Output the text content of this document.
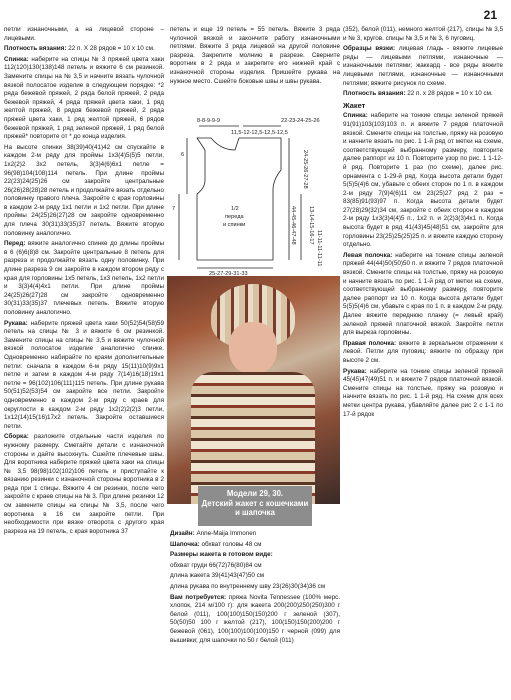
21

петли изнаночными, а на лицевой стороне – лицевыми.

Плотность вязания: 22 п. Х 28 рядов = 10 х 10 см.

Спинка: наберите на спицы № 3 пряжей цвета хаки 112(120)130(138)148 петель и вяжите 6 см резинкой. Замените спицы на № 3,5 и начните вязать чулочной вязкой полосатое изделие в следующем порядке: *2 ряда бежевой пряжей, 2 ряда белой пряжей, 2 ряда бежевой пряжей, 4 ряда пряжей цвета хаки, 1 ряд желтой пряжей, 8 рядов бежевой пряжей, 2 ряда пряжей цвета хаки, 1 ряд желтой пряжей, 6 рядов бежевой пряжей, 1 ряд зеленой пряжей, 1 ряд белой пряжей* повторите от * до конца изделия.

На высоте спинки 38(39)40(41)42 см спускайте в каждом 2-м ряду для проймы 1х3(4)5(5)5 петли, 1х2(2)2 3х2 петель, 3(3)4(6)6х1 петле = 96(98)104(108)114 петель. При длине проймы 22(23)24(25)26 см закройте центральные 26(26)28(28)28 петель и продолжайте вязать отдельно половинку правого плеча. Закройте с края горловины в каждом 2-м ряду 1х1 петли и 1х2 петли. При длине проймы 24(25)26(27)28 см закройте одновременно для плеча 30(31)33(35)37 петель. Вяжите вторую половинку аналогично.

Перед: вяжите аналогично спинке до длины проймы в 6 (6)6(8)8 см. Закройте центральные 8 петель для разреза и продолжайте вязать одну половинку. При длине разреза 9 см закройте в каждом втором ряду с края для горловины 1х5 петель, 1х3 петель, 1х2 петли и 3(3)4(4)4х1 петли. При длине проймы 24(25)26(27)28 см закройте одновременно 30(31)33(35)37 плечевых петель. Вяжите вторую половинку аналогично.

Рукава: наберите пряжей цвета хаки 50(52)54(58)59 петель на спицы № 3 и вяжите 6 см резинкой. Замените спицы на спицы № 3,5 и вяжите чулочной вязкой полосатое изделие аналогично спинке. Одновременно набирайте по краям дополнительные петли: сначала в каждом 6-м ряду 15(11)10(9)9х1 петле и затем в каждом 4-м ряду 7(14)16(18)19х1 петле = 96(102)106(111)115 петель. При длине рукава 50(51)52(53)54 см закройте все петли. Закройте одновременно в каждом 2-м ряду с краев для округлости в каждом 2-м ряду 1х2(2)2(2)3 петли, 1х12(14)15(16)17х2 петель. Закройте оставшиеся петли.

Сборка: разложите отдельные части изделия по нужному размеру. Сметайте детали с изнаночной стороны и дайте высохнуть. Сшейте плечевые швы. Для воротника наберите пряжей цвета хаки на спицы № 3,5 98(98)102(102)106 петель и приступайте к вязанию резинки с изнаночной стороны воротника в 2 ряда при 1 спицы. Вяжите 4 см резинки, после чего закройте с краев спицы на № 3. При длине резинки 12 см замените спицы на спицы № 3,5, после чего воротника в 16 см закройте петли. При необходимости при вязке отворота с другого края разреза на 19 петель, с края воротника 37

петель и еще 19 петель = 55 петель. Вяжите 3 ряда чулочной вязкой и закончите работу изнаночными петлями. Вяжите 3 ряда лицевой на другой половине разреза. Закрепите молнию в разрезе. Сверните воротник в 2 ряда и закрепите его нижней край с изнаночной стороны изделия. Пришейте рукава на нужное место. Сшейте боковые швы и швы рукава.

8-8-9-9-9
11,5-12-12,5-12,5-12,5
22-23-24-25-26
6
7	1/2
переда
и спинки	44-45-46-47-48
24-25-26-27-28
25-27-29-31-33
13-14-15-16-17
11-11-11-11-11
Модели 29, 30.
Детский жакет с кошечками
и шапочка

Дизайн: Anne-Maija Immonen

Шапочка: обхват головы 48 см

Размеры жакета в готовом виде:

обхват груди 66(72)76(80)84 см

длина жакета 39(41)43(47)50 см

длина рукава по внутреннему шву 23(26)30(34)36 см

Вам потребуется: пряжа Novita Tennessee (100% мерс. хлопок, 214 м/100 г): для жакета 200(200)250(250)300 г белой (011), 100(100)150(150)200 г зеленой (307), 50(50)50 100 г желтой (217), 100(150)150(200)200 г бежевой (061), 100(100)100(100)150 г черной (099) для вышивки; для шапочки по 50 г белой (011)

(352), белой (011), немного желтой (217), спицы № 3,5 и № 3, кругов. спицы № 3,5 и № 3, 6 пуговиц.

Образцы вязки: лицевая гладь - вяжите лицевые ряды — лицевыми петлями, изнаночные — изнаночными петлями; жаккард - все ряды вяжите лицевыми петлями, изнаночные — изнаночными петлями; вяжите рисунок по схеме.

Плотность вязания: 22 п. х 28 рядов = 10 х 10 см.

Жакет

Спинка: наберите на тонкие спицы зеленой пряжей 91(91)103(103)103 п. и вяжите 7 рядов платочной вязкой. Смените спицы на толстые, пряжу на розовую и начните вязать по рис. 1 1-й ряд от метки на схеме, соответствующей выбранному размеру, повторите далее раппорт из 10 п. Повторите узор по рис. 1 1-12-й ряд. Повторите 1 раз (по схеме), далее рис. орнамента с 1-29-й ряд. Когда высота детали будет 5(5)5(4)6 см, убавьте с обеих сторон по 1 п. в каждом 2-м ряду 7(9)4(6)11 см 23(25)27 ряд 2 раз = 83(85)91(93)97 п. Когда высота детали будет 27(28)29(32)34 см, закройте с обеих сторон в каждом 2-м ряду 1х3(3)4(4)5 п., 1х2 п. и 2(2)3(3)4х1 п. Когда высота будет в ряд 41(43)45(48)51 см, закройте для горловины 23(25)25(25)25 п. и вяжите каждую сторону отдельно.

Левая полочка: наберите на тонкие спицы зеленой пряжей 44(44)50(50)50 п. и вяжите 7 рядов платочной вязкой. Смените спицы на толстые, пряжу на розовую и начните вязать по рис. 1 1-й ряд от метки на схеме, соответствующей выбранному размеру, повторите далее раппорт из 10 п. Когда высота детали будет 5(5)5(4)6 см, убавьте с края по 1 п. в каждом 2-м ряду. Далее вяжите переднюю планку (= левый край) зеленой пряжей платочной вязкой. Закройте петли для выреза горловины.

Правая полочка: вяжите в зеркальном отражении к левой. Петли для пуговиц: вяжите по образцу при высоте 2 см.

Рукава: наберите на тонкие спицы зеленой пряжей 45(45)47(49)51 п. и вяжите 7 рядов платочной вязкой. Смените спицы на толстые, пряжу на розовую и начните вязать по рис. 1 1-й ряд. На схеме для всех метки центра рукава, убавляйте далее рис 2 с 1-1 по 17-й рядок
